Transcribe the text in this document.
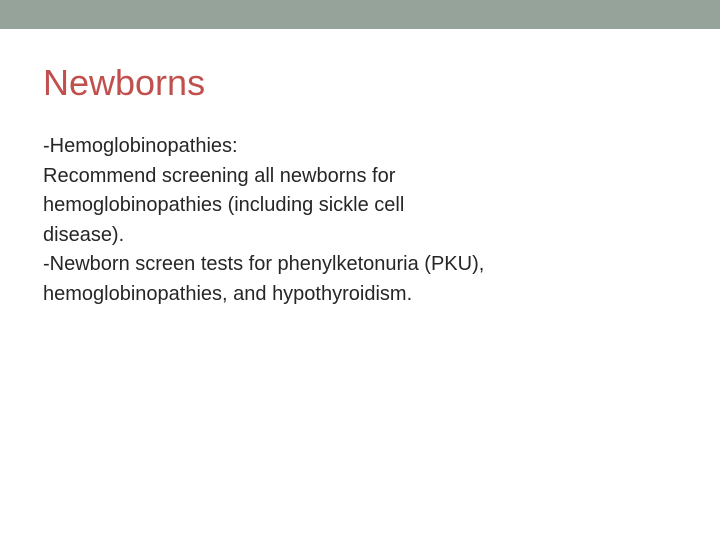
Newborns
-Hemoglobinopathies:
Recommend screening all newborns for
hemoglobinopathies (including sickle cell
disease).
-Newborn screen tests for phenylketonuria (PKU),
hemoglobinopathies, and hypothyroidism.
